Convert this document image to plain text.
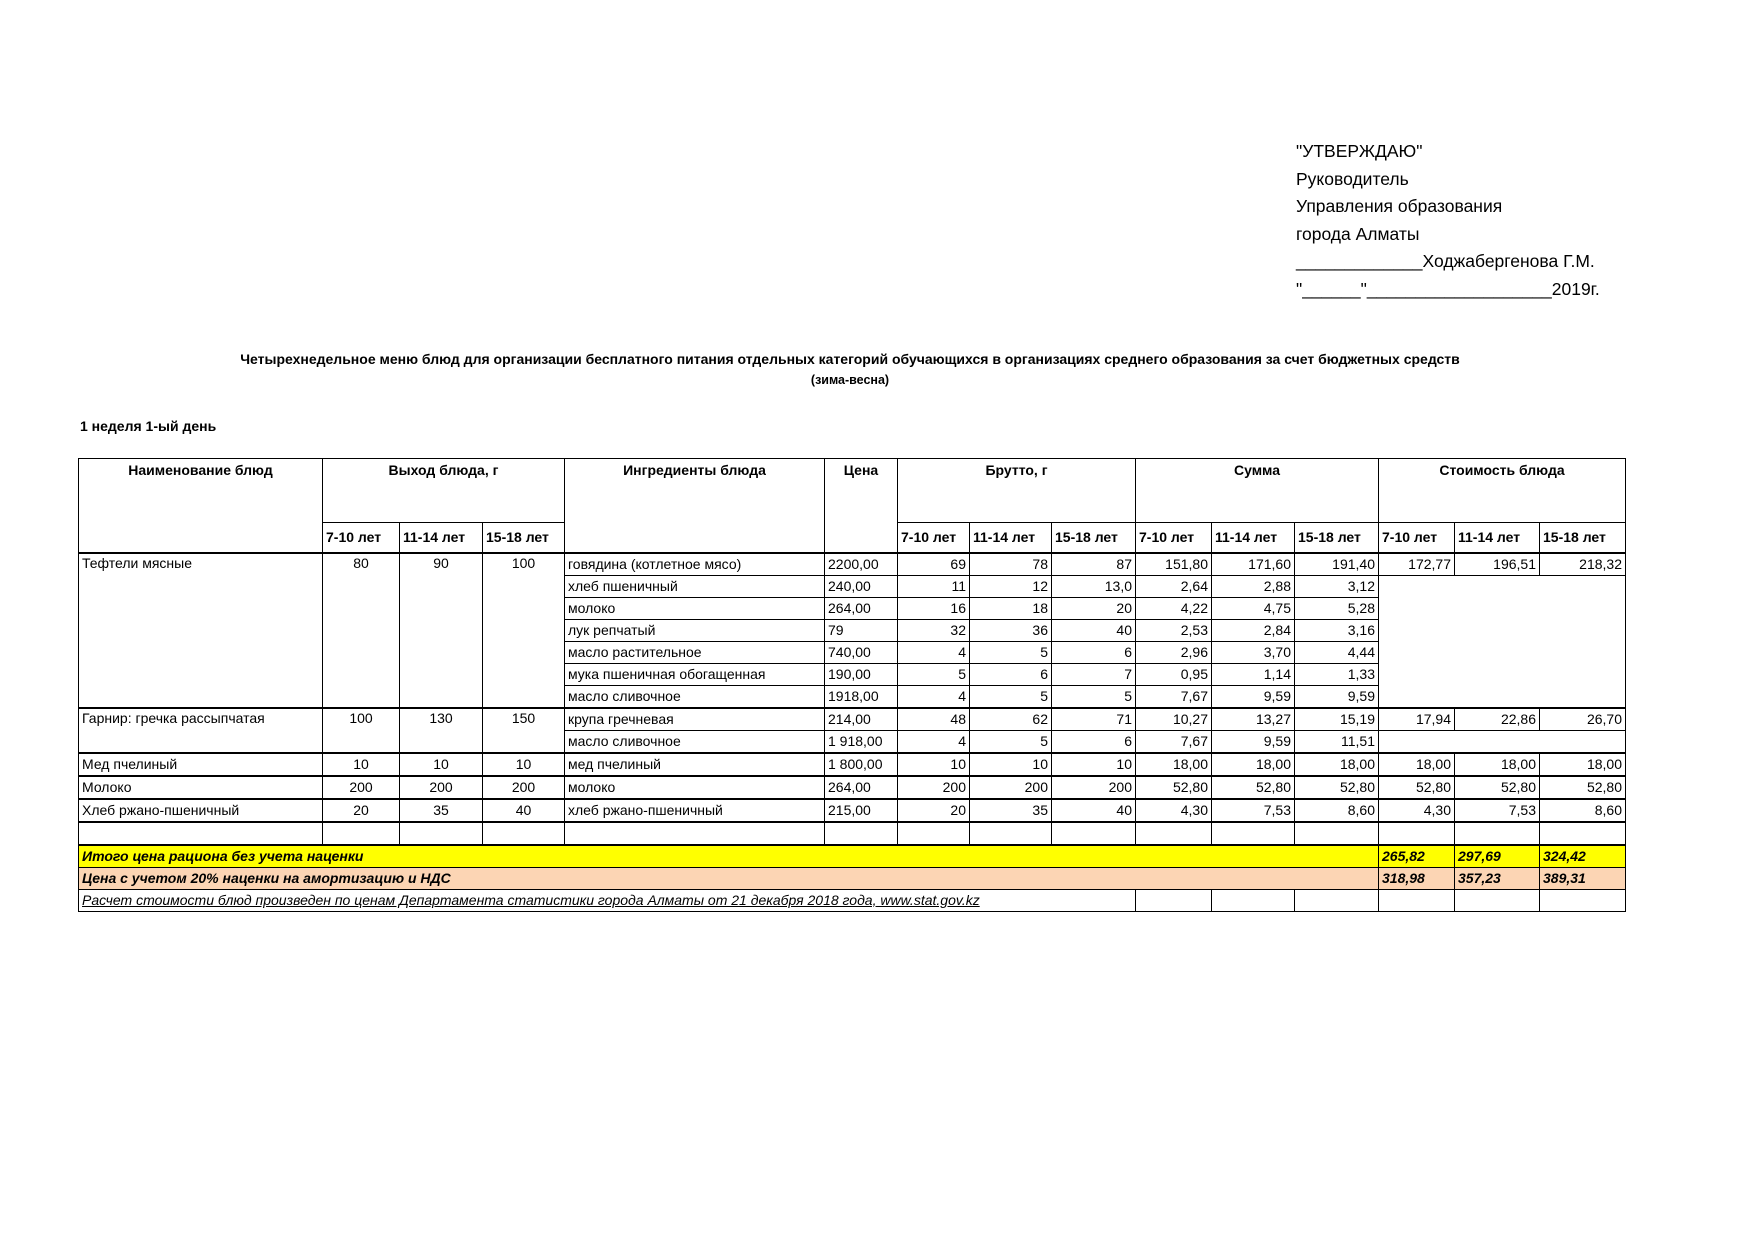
"УТВЕРЖДАЮ"
Руководитель
Управления образования
города Алматы
_____________Ходжабергенова Г.М.
"______"___________________2019г.
Четырехнедельное меню блюд для организации бесплатного питания отдельных категорий обучающихся в организациях среднего образования за счет бюджетных средств
(зима-весна)
1 неделя 1-ый день
Наименование блюд	Выход блюда, г			Ингредиенты блюда	Цена	Брутто, г			Сумма			Стоимость блюда		
	7-10 лет	11-14 лет	15-18 лет			7-10 лет	11-14 лет	15-18 лет	7-10 лет	11-14 лет	15-18 лет	7-10 лет	11-14 лет	15-18 лет
Тефтели мясные	80	90	100	говядина (котлетное мясо)	2200,00	69	78	87	151,80	171,60	191,40	172,77	196,51	218,32
				хлеб пшеничный	240,00	11	12	13,0	2,64	2,88	3,12			
				молоко	264,00	16	18	20	4,22	4,75	5,28			
				лук репчатый	79	32	36	40	2,53	2,84	3,16			
				масло растительное	740,00	4	5	6	2,96	3,70	4,44			
				мука пшеничная обогащенная	190,00	5	6	7	0,95	1,14	1,33			
				масло сливочное	1918,00	4	5	5	7,67	9,59	9,59			
Гарнир: гречка рассыпчатая	100	130	150	крупа гречневая	214,00	48	62	71	10,27	13,27	15,19	17,94	22,86	26,70
				масло сливочное	1 918,00	4	5	6	7,67	9,59	11,51			
Мед пчелиный	10	10	10	мед пчелиный	1 800,00	10	10	10	18,00	18,00	18,00	18,00	18,00	18,00
Молоко	200	200	200	молоко	264,00	200	200	200	52,80	52,80	52,80	52,80	52,80	52,80
Хлеб ржано-пшеничный	20	35	40	хлеб ржано-пшеничный	215,00	20	35	40	4,30	7,53	8,60	4,30	7,53	8,60

Итого цена рациона без учета наценки												265,82	297,69	324,42
Цена с учетом 20% наценки на амортизацию и НДС												318,98	357,23	389,31
Расчет стоимости блюд произведен по ценам Департамента статистики города Алматы от 21 декабря 2018 года, www.stat.gov.kz														
